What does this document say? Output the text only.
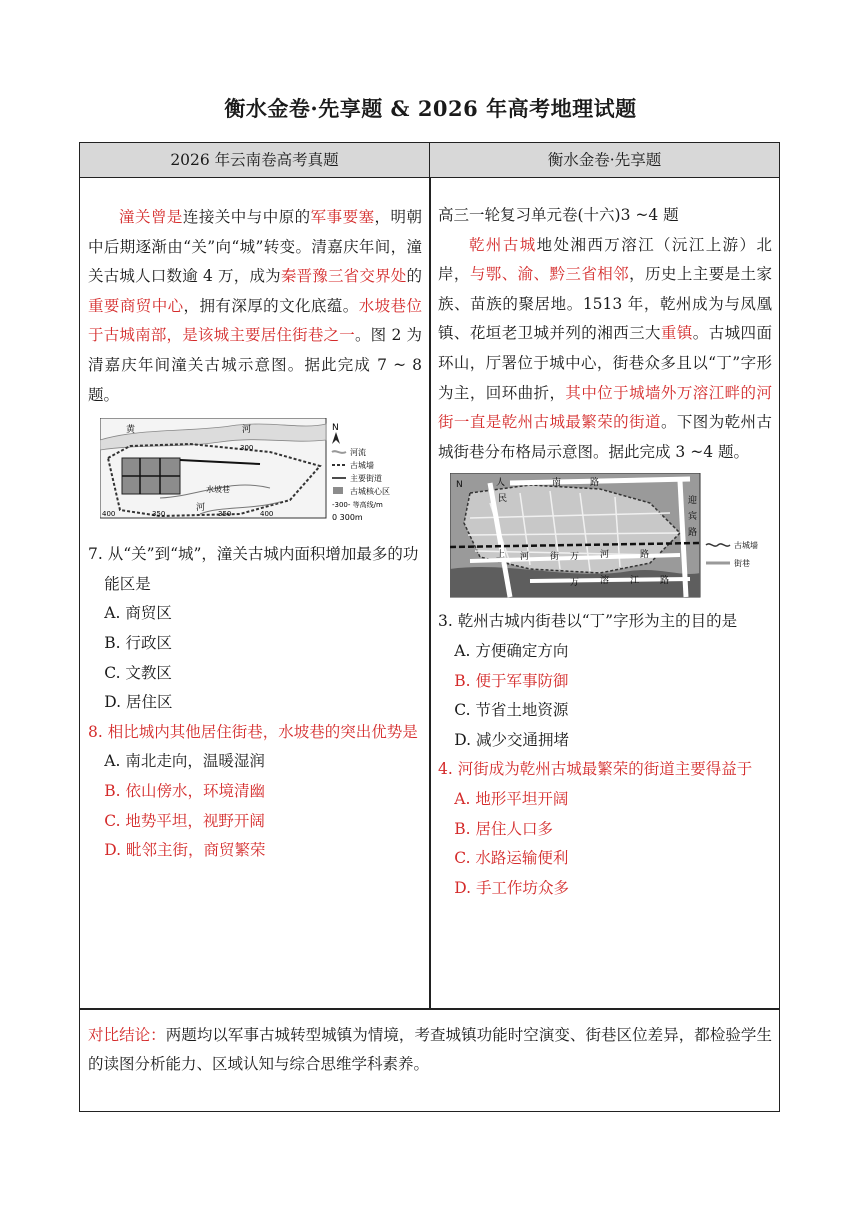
衡水金卷·先享题 & 2026 年高考地理试题
2026 年云南卷高考真题	衡水金卷·先享题

潼关曾是连接关中与中原的军事要塞，明朝中后期逐渐由“关”向“城”转变。清嘉庆年间，潼关古城人口数逾 4 万，成为秦晋豫三省交界处的重要商贸中心，拥有深厚的文化底蕴。水坡巷位于古城南部，是该城主要居住街巷之一。图 2 为清嘉庆年间潼关古城示意图。据此完成 7 ~ 8 题。

黄	河
河
水坡巷
300
400	350	350	400
N
河流
古城墙
主要街道
古城核心区
-300- 等高线/m
0 300m

7. 从“关”到“城”，潼关古城内面积增加最多的功能区是

A. 商贸区

B. 行政区

C. 文教区

D. 居住区

8. 相比城内其他居住街巷，水坡巷的突出优势是

A. 南北走向，温暖湿润

B. 依山傍水，环境清幽

C. 地势平坦，视野开阔

D. 毗邻主街，商贸繁荣

高三一轮复习单元卷(十六)3 ~4 题

乾州古城地处湘西万溶江（沅江上游）北岸，与鄂、渝、黔三省相邻，历史上主要是土家族、苗族的聚居地。1513 年，乾州成为与凤凰镇、花垣老卫城并列的湘西三大重镇。古城四面环山，厅署位于城中心，街巷众多且以“丁”字形为主，回环曲折，其中位于城墙外万溶江畔的河街一直是乾州古城最繁荣的街道。下图为乾州古城街巷分布格局示意图。据此完成 3 ~4 题。

N	人
民
南	路
迎
宾
路
河 街 万	路
上	河
万 溶 江 路
古城墙
街巷

3. 乾州古城内街巷以“丁”字形为主的目的是

A. 方便确定方向

B. 便于军事防御

C. 节省土地资源

D. 减少交通拥堵

4. 河街成为乾州古城最繁荣的街道主要得益于

A. 地形平坦开阔

B. 居住人口多

C. 水路运输便利

D. 手工作坊众多

对比结论：两题均以军事古城转型城镇为情境，考查城镇功能时空演变、街巷区位差异，都检验学生的读图分析能力、区域认知与综合思维学科素养。
